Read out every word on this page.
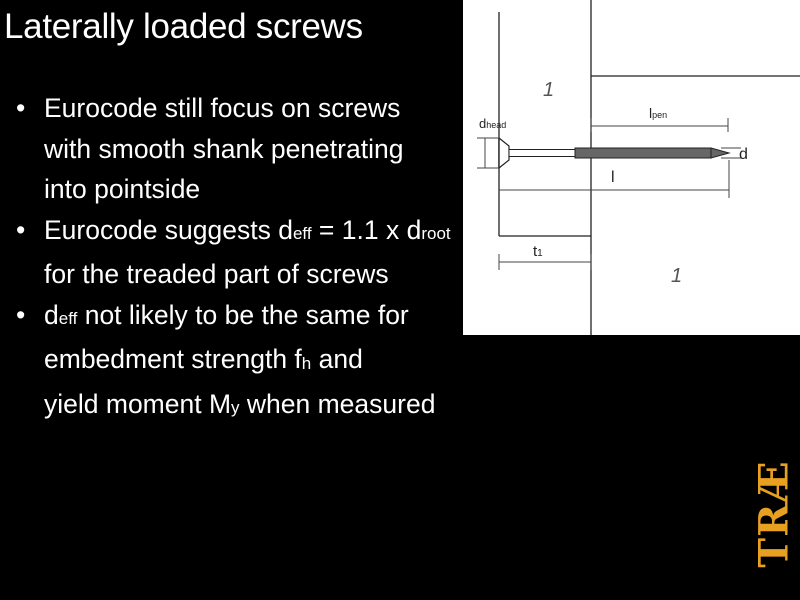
Laterally loaded screws
• Eurocode still focus on screws
with smooth shank penetrating
into pointside
• Eurocode suggests $d_{eff} = 1.1$ x $d_{root}$
for the treaded part of screws
• $d_{eff}$ not likely to be the same for
embedment strength $f_h$ and
yield moment $M_y$ when measured
dhead
lpen
d
l
t1
1
1
TRÆ
